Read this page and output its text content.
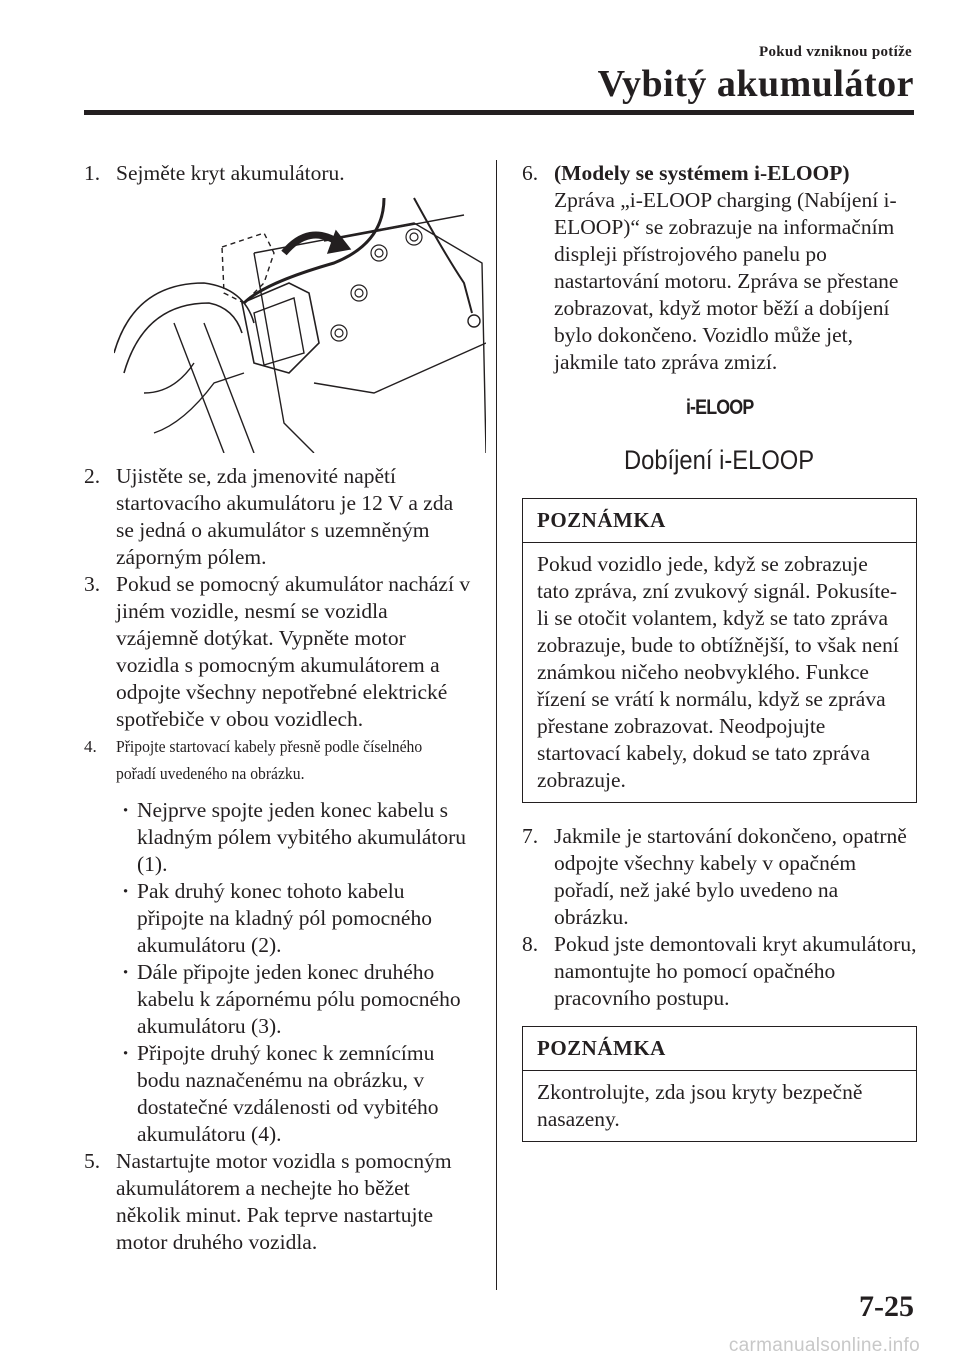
Pokud vzniknou potíže
Vybitý akumulátor
1. Sejměte kryt akumulátoru.
2. Ujistěte se, zda jmenovité napětí startovacího akumulátoru je 12 V a zda se jedná o akumulátor s uzemněným záporným pólem.
3. Pokud se pomocný akumulátor nachází v jiném vozidle, nesmí se vozidla vzájemně dotýkat. Vypněte motor vozidla s pomocným akumulátorem a odpojte všechny nepotřebné elektrické spotřebiče v obou vozidlech.
4.	Připojte startovací kabely přesně podle číselného pořadí uvedeného na obrázku.
·
Nejprve spojte jeden konec kabelu s kladným pólem vybitého akumulátoru (1).
·
Pak druhý konec tohoto kabelu připojte na kladný pól pomocného akumulátoru (2).
·
Dále připojte jeden konec druhého kabelu k zápornému pólu pomocného akumulátoru (3).
·
Připojte druhý konec k zemnícímu bodu naznačenému na obrázku, v dostatečné vzdálenosti od vybitého akumulátoru (4).
5. Nastartujte motor vozidla s pomocným akumulátorem a nechejte ho běžet několik minut. Pak teprve nastartujte motor druhého vozidla.
6. (Modely se systémem i-ELOOP)
Zpráva „i-ELOOP charging (Nabíjení i-ELOOP)“ se zobrazuje na informačním displeji přístrojového panelu po nastartování motoru. Zpráva se přestane zobrazovat, když motor běží a dobíjení bylo dokončeno. Vozidlo může jet, jakmile tato zpráva zmizí.
i-ELOOP
Dobíjení i-ELOOP
POZNÁMKA
Pokud vozidlo jede, když se zobrazuje tato zpráva, zní zvukový signál. Pokusíte-li se otočit volantem, když se tato zpráva zobrazuje, bude to obtížnější, to však není známkou ničeho neobvyklého. Funkce řízení se vrátí k normálu, když se zpráva přestane zobrazovat. Neodpojujte startovací kabely, dokud se tato zpráva zobrazuje.
7. Jakmile je startování dokončeno, opatrně odpojte všechny kabely v opačném pořadí, než jaké bylo uvedeno na obrázku.
8. Pokud jste demontovali kryt akumulátoru, namontujte ho pomocí opačného pracovního postupu.
POZNÁMKA
Zkontrolujte, zda jsou kryty bezpečně nasazeny.
7-25
carmanualsonline.info
